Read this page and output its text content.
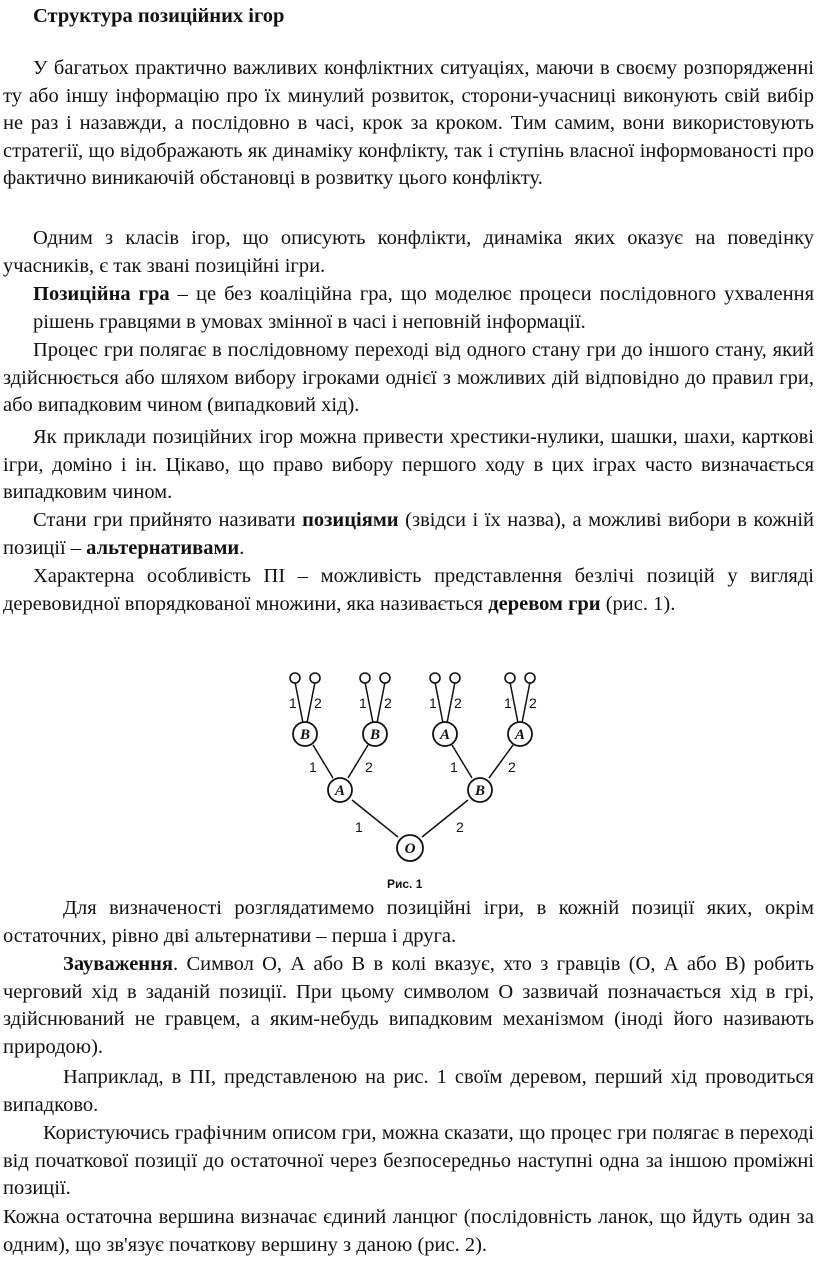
Структура позиційних ігор
У багатьох практично важливих конфліктних ситуаціях, маючи в своєму розпорядженні ту або іншу інформацію про їх минулий розвиток, сторони-учасниці виконують свій вибір не раз і назавжди, а послідовно в часі, крок за кроком. Тим самим, вони використовують стратегії, що відображають як динаміку конфлікту, так і ступінь власної інформованості про фактично виникаючій обстановці в розвитку цього конфлікту.
Одним з класів ігор, що описують конфлікти, динаміка яких оказує на поведінку учасників, є так звані позиційні ігри.
Позиційна гра – це без коаліційна гра, що моделює процеси послідовного ухвалення рішень гравцями в умовах змінної в часі і неповній інформації.
Процес гри полягає в послідовному переході від одного стану гри до іншого стану, який здійснюється або шляхом вибору ігроками однієї з можливих дій відповідно до правил гри, або випадковим чином (випадковий хід).
Як приклади позиційних ігор можна привести хрестики-нулики, шашки, шахи, карткові ігри, доміно і ін. Цікаво, що право вибору першого ходу в цих іграх часто визначається випадковим чином.
Стани гри прийнято називати позиціями (звідси і їх назва), а можливі вибори в кожній позиції – альтернативами.
Характерна особливість ПІ – можливість представлення безлічі позицій у вигляді деревовидної впорядкованої множини, яка називається деревом гри (рис. 1).
1 2	1 2	1 2	1 2
B	B	A	A
1	2	1	2
A	B
1	2
O
Рис. 1
Для визначеності розглядатимемо позиційні ігри, в кожній позиції яких, окрім остаточних, рівно дві альтернативи – перша і друга.
Зауваження. Символ О, А або В в колі вказує, хто з гравців (О, А або В) робить черговий хід в заданій позиції. При цьому символом О зазвичай позначається хід в грі, здійснюваний не гравцем, а яким-небудь випадковим механізмом (іноді його називають природою).
Наприклад, в ПІ, представленою на рис. 1 своїм деревом, перший хід проводиться випадково.
Користуючись графічним описом гри, можна сказати, що процес гри полягає в переході від початкової позиції до остаточної через безпосередньо наступні одна за іншою проміжні позиції.
Кожна остаточна вершина визначає єдиний ланцюг (послідовність ланок, що йдуть один за одним), що зв'язує початкову вершину з даною (рис. 2).
